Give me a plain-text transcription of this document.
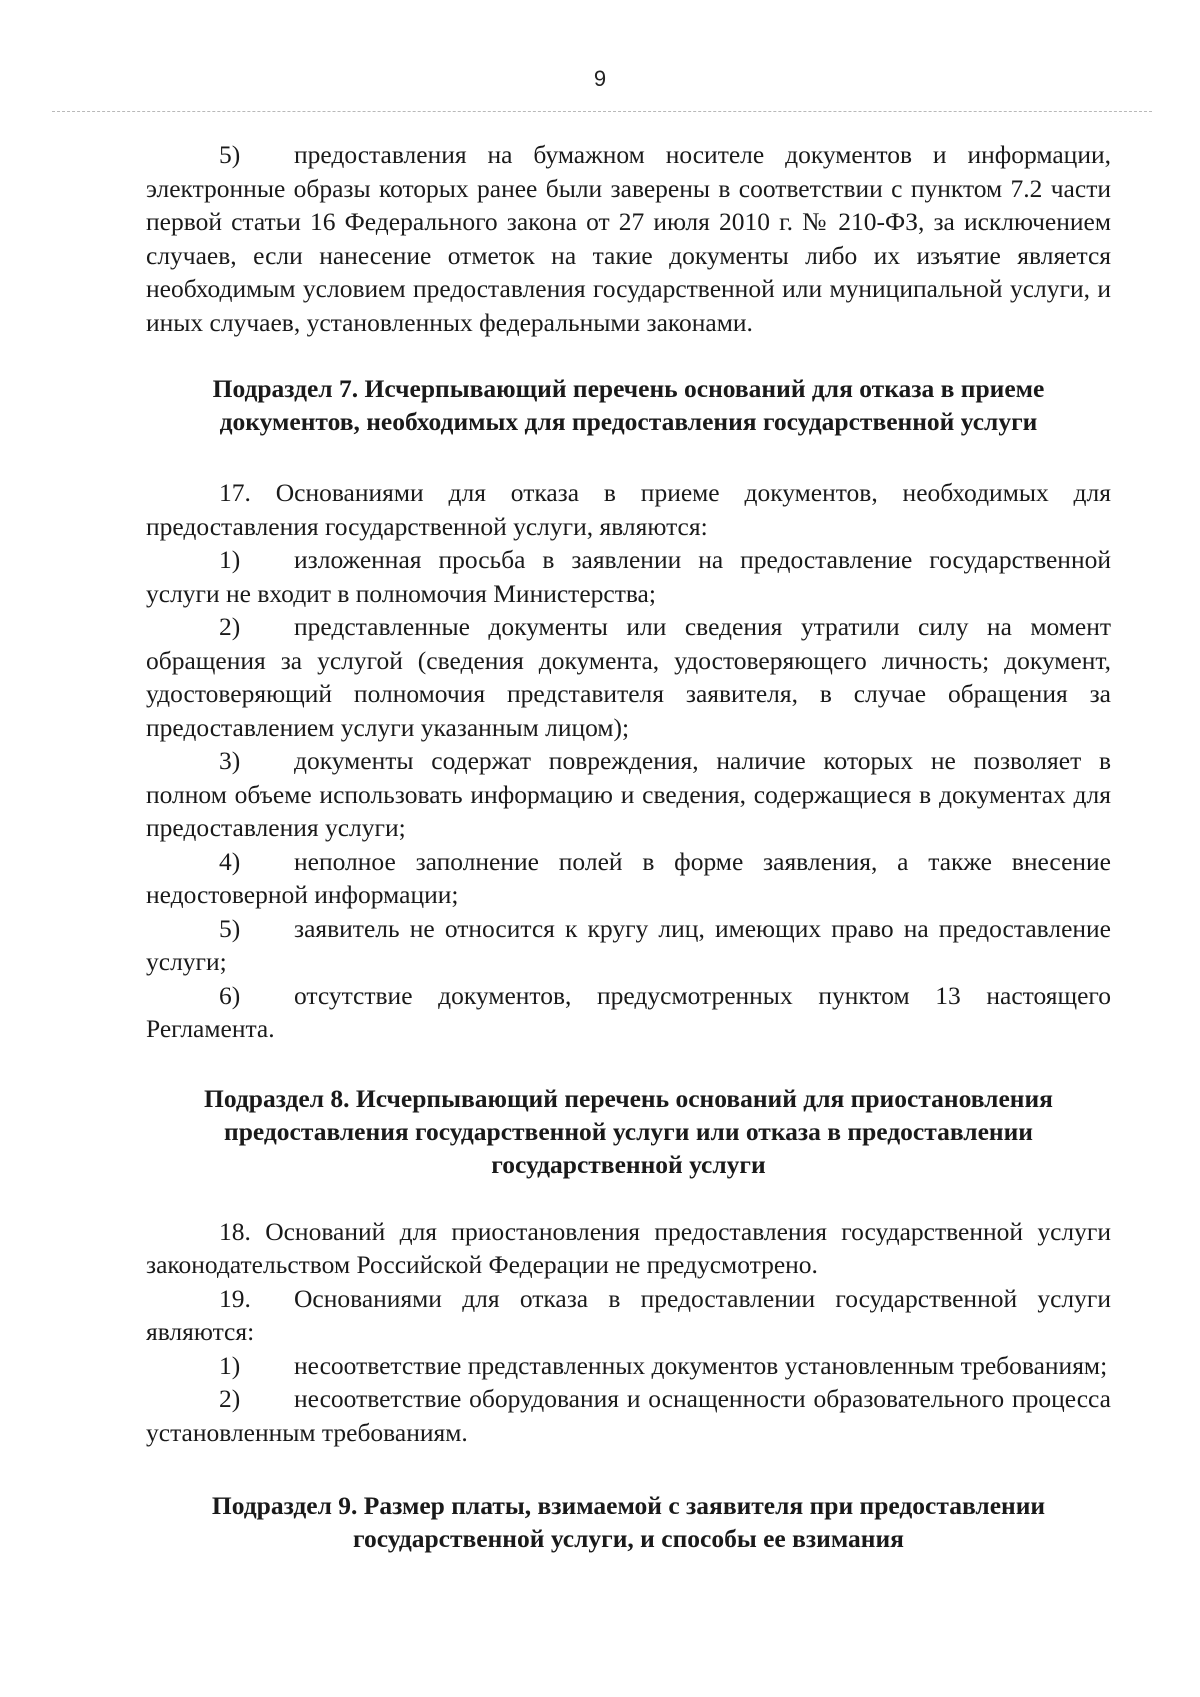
9

5) предоставления на бумажном носителе документов и информации, электронные образы которых ранее были заверены в соответствии с пунктом 7.2 части первой статьи 16 Федерального закона от 27 июля 2010 г. № 210-ФЗ, за исключением случаев, если нанесение отметок на такие документы либо их изъятие является необходимым условием предоставления государственной или муниципальной услуги, и иных случаев, установленных федеральными законами.

Подраздел 7. Исчерпывающий перечень оснований для отказа в приеме документов, необходимых для предоставления государственной услуги

17. Основаниями для отказа в приеме документов, необходимых для предоставления государственной услуги, являются:

1) изложенная просьба в заявлении на предоставление государственной услуги не входит в полномочия Министерства;

2) представленные документы или сведения утратили силу на момент обращения за услугой (сведения документа, удостоверяющего личность; документ, удостоверяющий полномочия представителя заявителя, в случае обращения за предоставлением услуги указанным лицом);

3) документы содержат повреждения, наличие которых не позволяет в полном объеме использовать информацию и сведения, содержащиеся в документах для предоставления услуги;

4) неполное заполнение полей в форме заявления, а также внесение недостоверной информации;

5) заявитель не относится к кругу лиц, имеющих право на предоставление услуги;

6) отсутствие документов, предусмотренных пунктом 13 настоящего Регламента.

Подраздел 8. Исчерпывающий перечень оснований для приостановления предоставления государственной услуги или отказа в предоставлении государственной услуги

18. Оснований для приостановления предоставления государственной услуги законодательством Российской Федерации не предусмотрено.

19. Основаниями для отказа в предоставлении государственной услуги являются:

1) несоответствие представленных документов установленным требованиям;

2) несоответствие оборудования и оснащенности образовательного процесса установленным требованиям.

Подраздел 9. Размер платы, взимаемой с заявителя при предоставлении государственной услуги, и способы ее взимания
